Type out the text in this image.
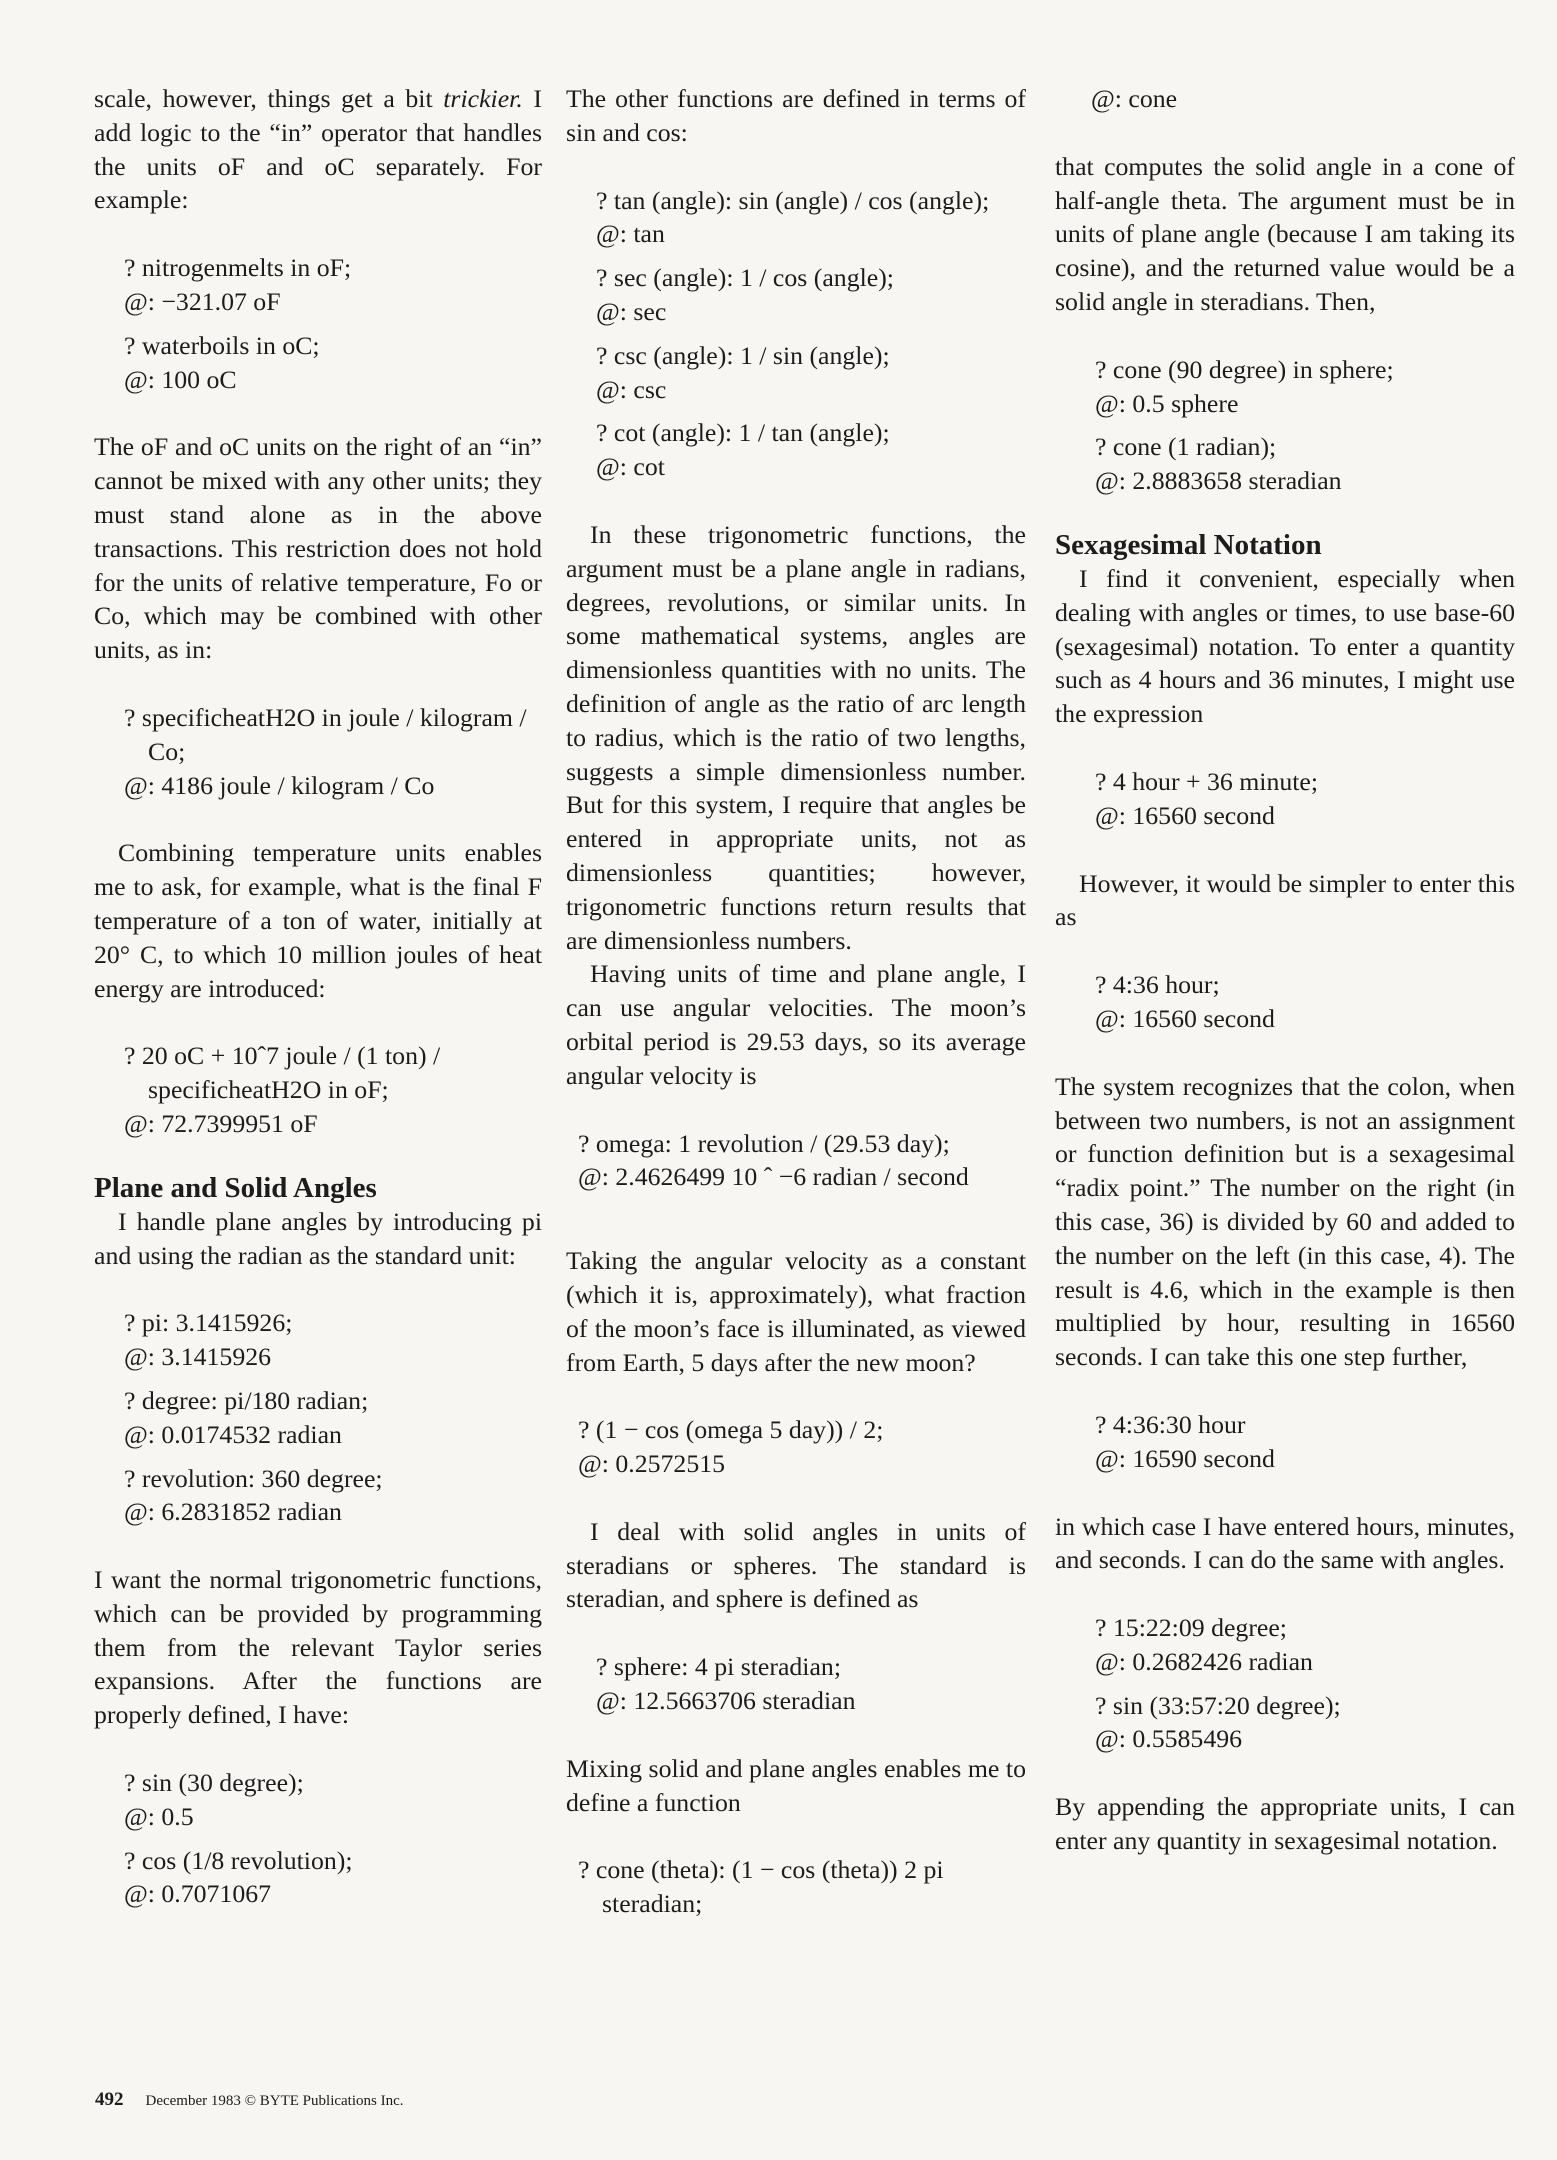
scale, however, things get a bit trickier. I add logic to the “in” operator that handles the units oF and oC separately. For example:

? nitrogenmelts in oF;

@: −321.07 oF

? waterboils in oC;

@: 100 oC

The oF and oC units on the right of an “in” cannot be mixed with any other units; they must stand alone as in the above transactions. This restriction does not hold for the units of relative temperature, Fo or Co, which may be combined with other units, as in:

? specificheatH2O in joule / kilogram / Co;

@: 4186 joule / kilogram / Co

Combining temperature units enables me to ask, for example, what is the final F temperature of a ton of water, initially at 20° C, to which 10 million joules of heat energy are introduced:

? 20 oC + 10ˆ7 joule / (1 ton) / specificheatH2O in oF;

@: 72.7399951 oF

Plane and Solid Angles

I handle plane angles by introducing pi and using the radian as the standard unit:

? pi: 3.1415926;

@: 3.1415926

? degree: pi/180 radian;

@: 0.0174532 radian

? revolution: 360 degree;

@: 6.2831852 radian

I want the normal trigonometric functions, which can be provided by programming them from the relevant Taylor series expansions. After the functions are properly defined, I have:

? sin (30 degree);

@: 0.5

? cos (1/8 revolution);

@: 0.7071067

The other functions are defined in terms of sin and cos:

? tan (angle): sin (angle) / cos (angle);

@: tan

? sec (angle): 1 / cos (angle);

@: sec

? csc (angle): 1 / sin (angle);

@: csc

? cot (angle): 1 / tan (angle);

@: cot

In these trigonometric functions, the argument must be a plane angle in radians, degrees, revolutions, or similar units. In some mathematical systems, angles are dimensionless quantities with no units. The definition of angle as the ratio of arc length to radius, which is the ratio of two lengths, suggests a simple dimensionless number. But for this system, I require that angles be entered in appropriate units, not as dimensionless quantities; however, trigonometric functions return results that are dimensionless numbers.

Having units of time and plane angle, I can use angular velocities. The moon’s orbital period is 29.53 days, so its average angular velocity is

? omega: 1 revolution / (29.53 day);

@: 2.4626499 10 ˆ −6 radian / second

Taking the angular velocity as a constant (which it is, approximately), what fraction of the moon’s face is illuminated, as viewed from Earth, 5 days after the new moon?

? (1 − cos (omega 5 day)) / 2;

@: 0.2572515

I deal with solid angles in units of steradians or spheres. The standard is steradian, and sphere is defined as

? sphere: 4 pi steradian;

@: 12.5663706 steradian

Mixing solid and plane angles enables me to define a function

? cone (theta): (1 − cos (theta)) 2 pi steradian;

@: cone

that computes the solid angle in a cone of half-angle theta. The argument must be in units of plane angle (because I am taking its cosine), and the returned value would be a solid angle in steradians. Then,

? cone (90 degree) in sphere;

@: 0.5 sphere

? cone (1 radian);

@: 2.8883658 steradian

Sexagesimal Notation

I find it convenient, especially when dealing with angles or times, to use base-60 (sexagesimal) notation. To enter a quantity such as 4 hours and 36 minutes, I might use the expression

? 4 hour + 36 minute;

@: 16560 second

However, it would be simpler to enter this as

? 4:36 hour;

@: 16560 second

The system recognizes that the colon, when between two numbers, is not an assignment or function definition but is a sexagesimal “radix point.” The number on the right (in this case, 36) is divided by 60 and added to the number on the left (in this case, 4). The result is 4.6, which in the example is then multiplied by hour, resulting in 16560 seconds. I can take this one step further,

? 4:36:30 hour

@: 16590 second

in which case I have entered hours, minutes, and seconds. I can do the same with angles.

? 15:22:09 degree;

@: 0.2682426 radian

? sin (33:57:20 degree);

@: 0.5585496

By appending the appropriate units, I can enter any quantity in sexagesimal notation.

492 December 1983 © BYTE Publications Inc.
